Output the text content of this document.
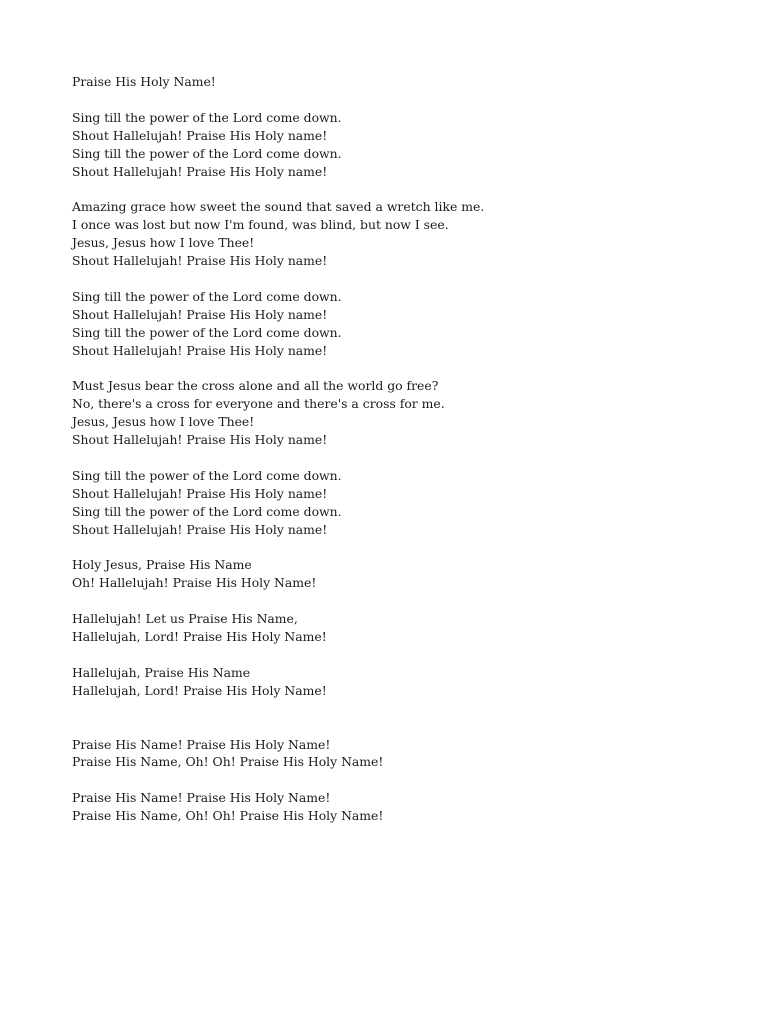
Praise His Holy Name!
Sing till the power of the Lord come down.
Shout Hallelujah! Praise His Holy name!
Sing till the power of the Lord come down.
Shout Hallelujah! Praise His Holy name!
Amazing grace how sweet the sound that saved a wretch like me.
I once was lost but now I'm found, was blind, but now I see.
Jesus, Jesus how I love Thee!
Shout Hallelujah! Praise His Holy name!
Sing till the power of the Lord come down.
Shout Hallelujah! Praise His Holy name!
Sing till the power of the Lord come down.
Shout Hallelujah! Praise His Holy name!
Must Jesus bear the cross alone and all the world go free?
No, there's a cross for everyone and there's a cross for me.
Jesus, Jesus how I love Thee!
Shout Hallelujah! Praise His Holy name!
Sing till the power of the Lord come down.
Shout Hallelujah! Praise His Holy name!
Sing till the power of the Lord come down.
Shout Hallelujah! Praise His Holy name!
Holy Jesus, Praise His Name
Oh! Hallelujah! Praise His Holy Name!
Hallelujah! Let us Praise His Name,
Hallelujah, Lord! Praise His Holy Name!
Hallelujah, Praise His Name
Hallelujah, Lord! Praise His Holy Name!
Praise His Name! Praise His Holy Name!
Praise His Name, Oh! Oh! Praise His Holy Name!
Praise His Name! Praise His Holy Name!
Praise His Name, Oh! Oh! Praise His Holy Name!
